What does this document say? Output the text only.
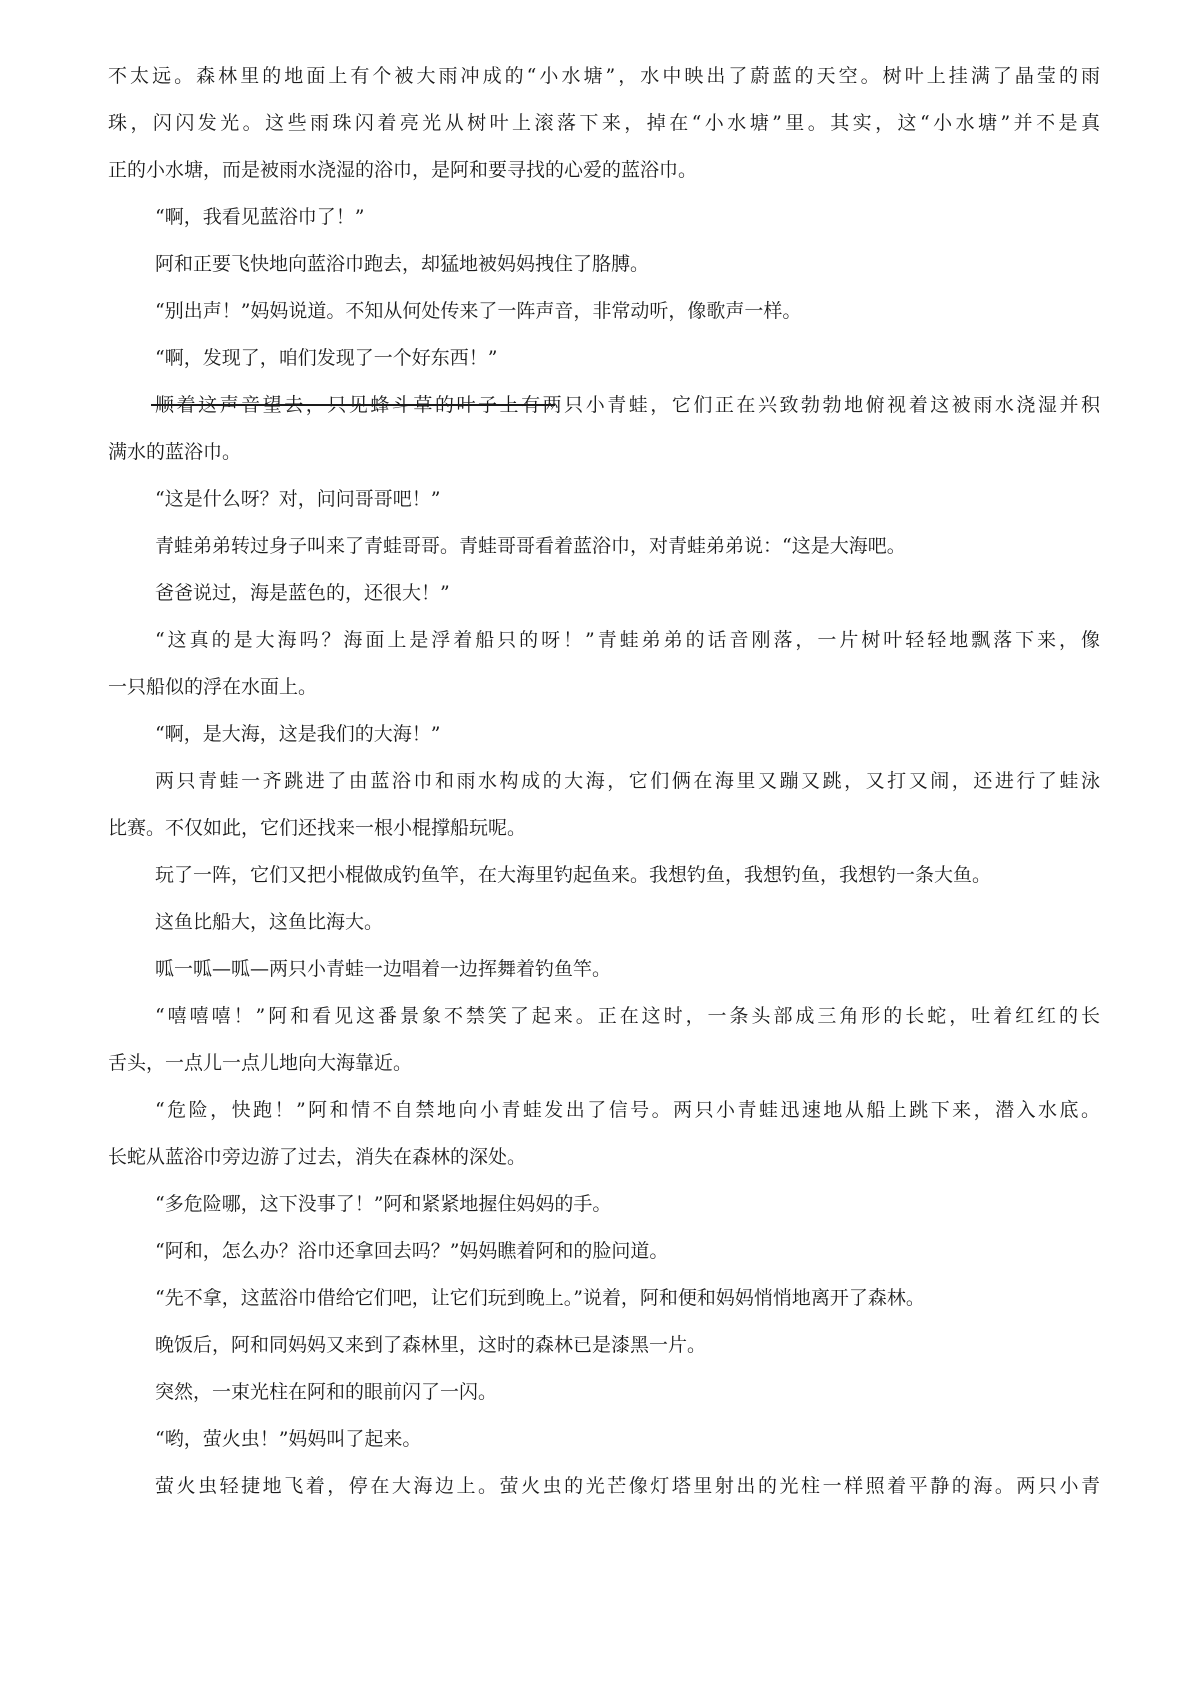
不太远。森林里的地面上有个被大雨冲成的“小水塘”，水中映出了蔚蓝的天空。树叶上挂满了晶莹的雨
珠，闪闪发光。这些雨珠闪着亮光从树叶上滚落下来，掉在“小水塘”里。其实，这“小水塘”并不是真
正的小水塘，而是被雨水浇湿的浴巾，是阿和要寻找的心爱的蓝浴巾。
“啊，我看见蓝浴巾了！”
阿和正要飞快地向蓝浴巾跑去，却猛地被妈妈拽住了胳膊。
“别出声！”妈妈说道。不知从何处传来了一阵声音，非常动听，像歌声一样。
“啊，发现了，咱们发现了一个好东西！”
顺着这声音望去，只见蜂斗草的叶子上有两只小青蛙，它们正在兴致勃勃地俯视着这被雨水浇湿并积
满水的蓝浴巾。
“这是什么呀？对，问问哥哥吧！”
青蛙弟弟转过身子叫来了青蛙哥哥。青蛙哥哥看着蓝浴巾，对青蛙弟弟说：“这是大海吧。
爸爸说过，海是蓝色的，还很大！”
“这真的是大海吗？海面上是浮着船只的呀！”青蛙弟弟的话音刚落，一片树叶轻轻地飘落下来，像
一只船似的浮在水面上。
“啊，是大海，这是我们的大海！”
两只青蛙一齐跳进了由蓝浴巾和雨水构成的大海，它们俩在海里又蹦又跳，又打又闹，还进行了蛙泳
比赛。不仅如此，它们还找来一根小棍撑船玩呢。
玩了一阵，它们又把小棍做成钓鱼竿，在大海里钓起鱼来。我想钓鱼，我想钓鱼，我想钓一条大鱼。
这鱼比船大，这鱼比海大。
呱一呱—呱—两只小青蛙一边唱着一边挥舞着钓鱼竿。
“嘻嘻嘻！”阿和看见这番景象不禁笑了起来。正在这时，一条头部成三角形的长蛇，吐着红红的长
舌头，一点儿一点儿地向大海靠近。
“危险，快跑！”阿和情不自禁地向小青蛙发出了信号。两只小青蛙迅速地从船上跳下来，潜入水底。
长蛇从蓝浴巾旁边游了过去，消失在森林的深处。
“多危险哪，这下没事了！”阿和紧紧地握住妈妈的手。
“阿和，怎么办？浴巾还拿回去吗？”妈妈瞧着阿和的脸问道。
“先不拿，这蓝浴巾借给它们吧，让它们玩到晚上。”说着，阿和便和妈妈悄悄地离开了森林。
晚饭后，阿和同妈妈又来到了森林里，这时的森林已是漆黑一片。
突然，一束光柱在阿和的眼前闪了一闪。
“哟，萤火虫！”妈妈叫了起来。
萤火虫轻捷地飞着，停在大海边上。萤火虫的光芒像灯塔里射出的光柱一样照着平静的海。两只小青
